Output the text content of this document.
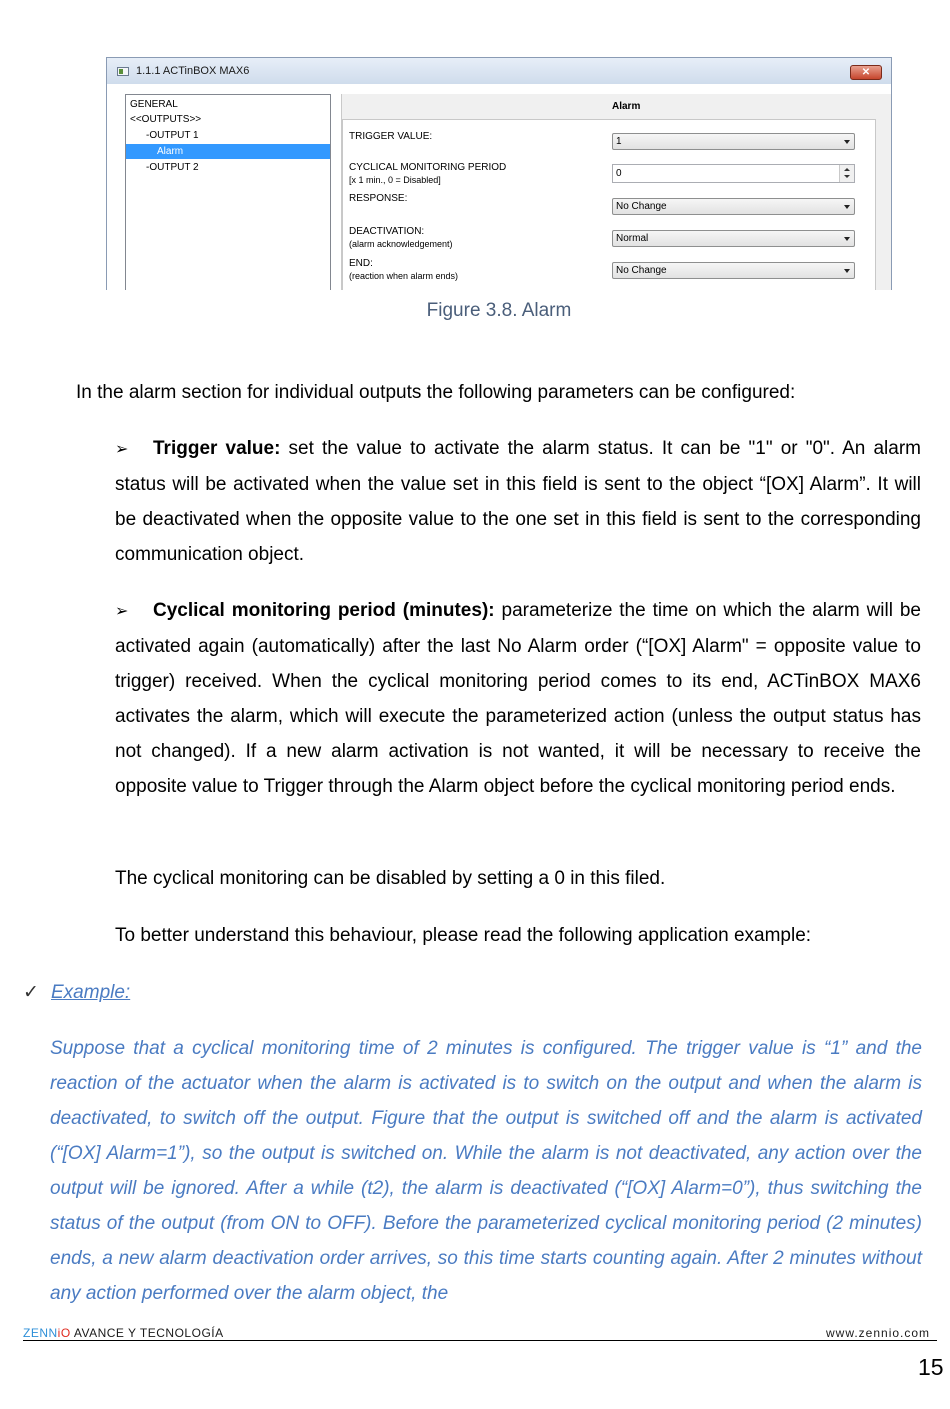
1.1.1 ACTinBOX MAX6	✕
GENERAL
<<OUTPUTS>>
-OUTPUT 1
Alarm
-OUTPUT 2
Alarm
TRIGGER VALUE:	1
CYCLICAL MONITORING PERIOD
[x 1 min., 0 = Disabled]
0
RESPONSE:
No Change
DEACTIVATION:
(alarm acknowledgement)	Normal
END:
(reaction when alarm ends)	No Change
Figure 3.8. Alarm
In the alarm section for individual outputs the following parameters can be configured:
➢ Trigger value: set the value to activate the alarm status. It can be "1" or "0". An alarm status will be activated when the value set in this field is sent to the object “[OX] Alarm”. It will be deactivated when the opposite value to the one set in this field is sent to the corresponding communication object.
➢ Cyclical monitoring period (minutes): parameterize the time on which the alarm will be activated again (automatically) after the last No Alarm order (“[OX] Alarm" = opposite value to trigger) received. When the cyclical monitoring period comes to its end, ACTinBOX MAX6 activates the alarm, which will execute the parameterized action (unless the output status has not changed). If a new alarm activation is not wanted, it will be necessary to receive the opposite value to Trigger through the Alarm object before the cyclical monitoring period ends.
The cyclical monitoring can be disabled by setting a 0 in this filed.
To better understand this behaviour, please read the following application example:
✓ Example:
Suppose that a cyclical monitoring time of 2 minutes is configured. The trigger value is “1” and the reaction of the actuator when the alarm is activated is to switch on the output and when the alarm is deactivated, to switch off the output. Figure that the output is switched off and the alarm is activated (“[OX] Alarm=1”), so the output is switched on. While the alarm is not deactivated, any action over the output will be ignored. After a while (t2), the alarm is deactivated (“[OX] Alarm=0”), thus switching the status of the output (from ON to OFF). Before the parameterized cyclical monitoring period (2 minutes) ends, a new alarm deactivation order arrives, so this time starts counting again. After 2 minutes without any action performed over the alarm object, the
ZENNiO AVANCE Y TECNOLOGÍA	www.zennio.com
15
